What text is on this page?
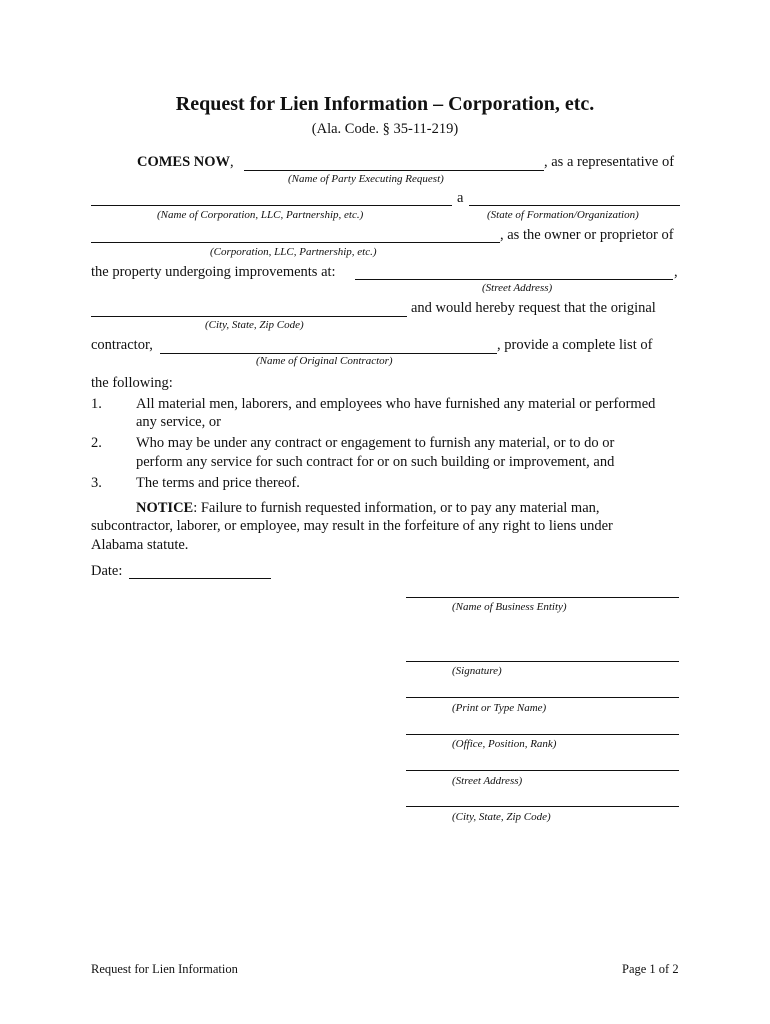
Request for Lien Information – Corporation, etc.
(Ala. Code. § 35-11-219)
COMES NOW,	, as a representative of
(Name of Party Executing Request)
a
(Name of Corporation, LLC, Partnership, etc.)	(State of Formation/Organization)
, as the owner or proprietor of
(Corporation, LLC, Partnership, etc.)
the property undergoing improvements at:	,
(Street Address)
and would hereby request that the original
(City, State, Zip Code)
contractor,	, provide a complete list of
(Name of Original Contractor)
the following:
1. All material men, laborers, and employees who have furnished any material or performed
any service, or
2. Who may be under any contract or engagement to furnish any material, or to do or
perform any service for such contract for or on such building or improvement, and
3. The terms and price thereof.
NOTICE: Failure to furnish requested information, or to pay any material man,
subcontractor, laborer, or employee, may result in the forfeiture of any right to liens under
Alabama statute.
Date:
(Name of Business Entity)
(Signature)
(Print or Type Name)
(Office, Position, Rank)
(Street Address)
(City, State, Zip Code)
Request for Lien Information	Page 1 of 2
